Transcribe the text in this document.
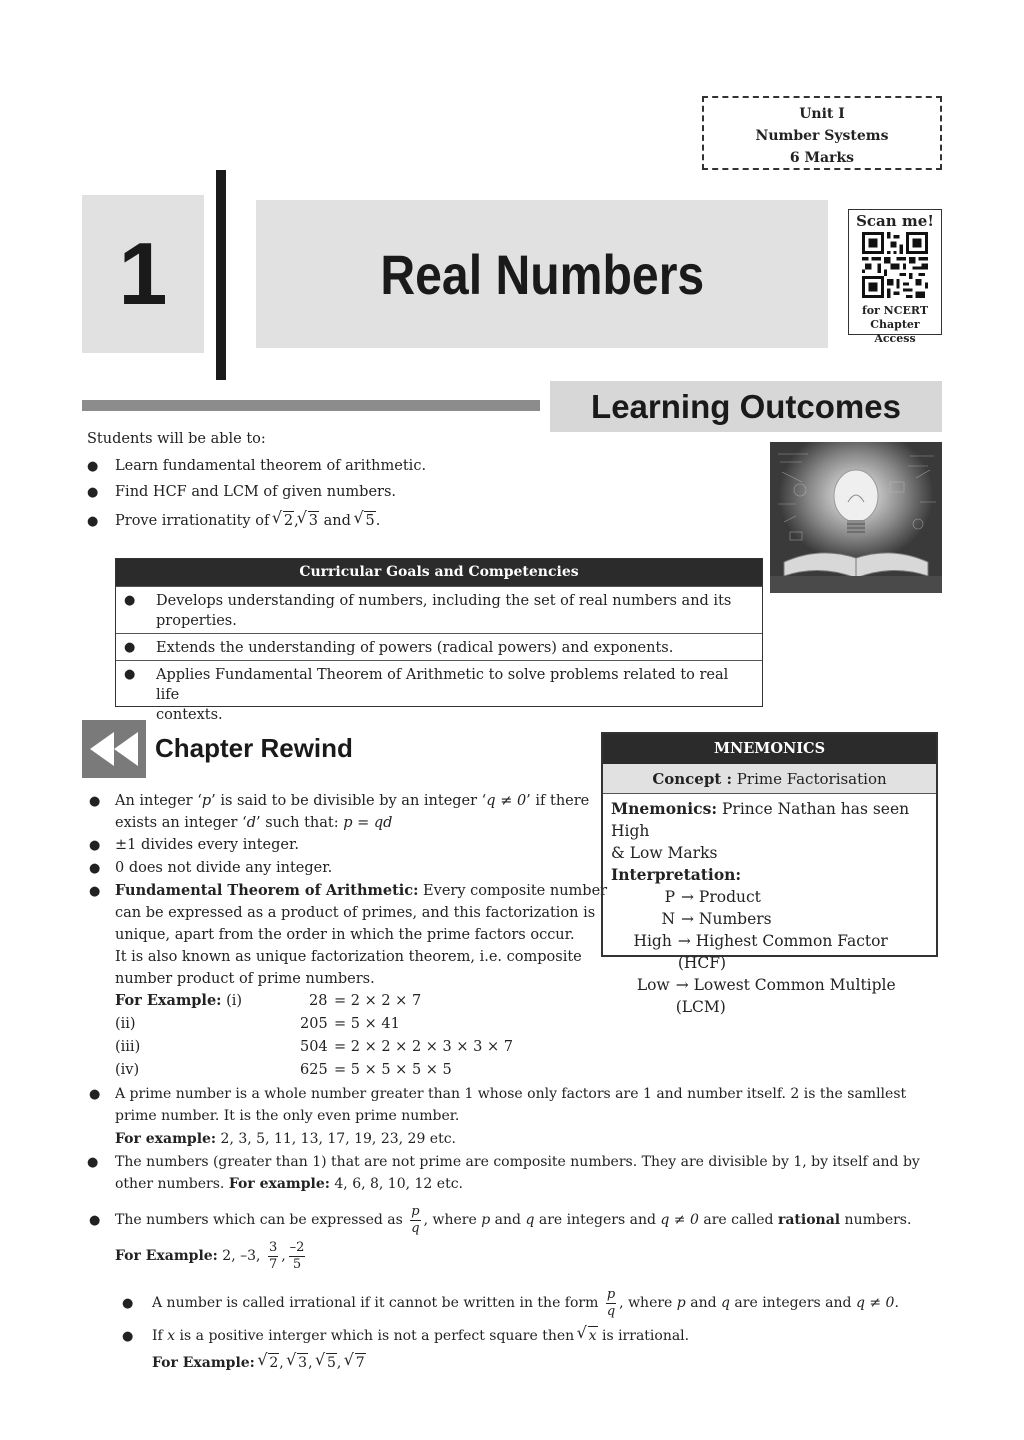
Unit I
Number Systems
6 Marks
1	Real Numbers
Scan me!
for NCERT
Chapter Access
Learning Outcomes
Students will be able to:
● Learn fundamental theorem of arithmetic.
● Find HCF and LCM of given numbers.
● Prove irrationatity of √ 2, √ 3 and √ 5.
Curricular Goals and Competencies
● Develops understanding of numbers, including the set of real numbers and its
properties.
● Extends the understanding of powers (radical powers) and exponents.
● Applies Fundamental Theorem of Arithmetic to solve problems related to real life
contexts.
Chapter Rewind
● An integer ‘p’ is said to be divisible by an integer ‘q ≠ 0’ if there
exists an integer ‘d’ such that: p = qd
● ±1 divides every integer.
● 0 does not divide any integer.
● Fundamental Theorem of Arithmetic: Every composite number
can be expressed as a product of primes, and this factorization is
unique, apart from the order in which the prime factors occur.
It is also known as unique factorization theorem, i.e. composite
number product of prime numbers.
For Example: (i)	28 = 2 × 2 × 7
(ii)	205 = 5 × 41
(iii)	504 = 2 × 2 × 2 × 3 × 3 × 7
(iv)	625 = 5 × 5 × 5 × 5
MNEMONICS
Concept : Prime Factorisation
Mnemonics: Prince Nathan has seen High
& Low Marks
Interpretation:
P → Product
N → Numbers
High → Highest Common Factor (HCF)
Low → Lowest Common Multiple (LCM)
● A prime number is a whole number greater than 1 whose only factors are 1 and number itself. 2 is the samllest
prime number. It is the only even prime number.
For example: 2, 3, 5, 11, 13, 17, 19, 23, 29 etc.
● The numbers (greater than 1) that are not prime are composite numbers. They are divisible by 1, by itself and by
other numbers. For example: 4, 6, 8, 10, 12 etc.
● The numbers which can be expressed as $\frac{p}{q}$ , where p and q are integers and q ≠ 0 are called rational numbers.
For Example: 2, –3, $\frac{3}{7}$ , $\frac{-2}{5}$
● A number is called irrational if it cannot be written in the form $\frac{p}{q}$ , where p and q are integers and q ≠ 0.
● If x is a positive interger which is not a perfect square then √ x is irrational.
For Example: √ 2, √ 3, √ 5, √ 7
